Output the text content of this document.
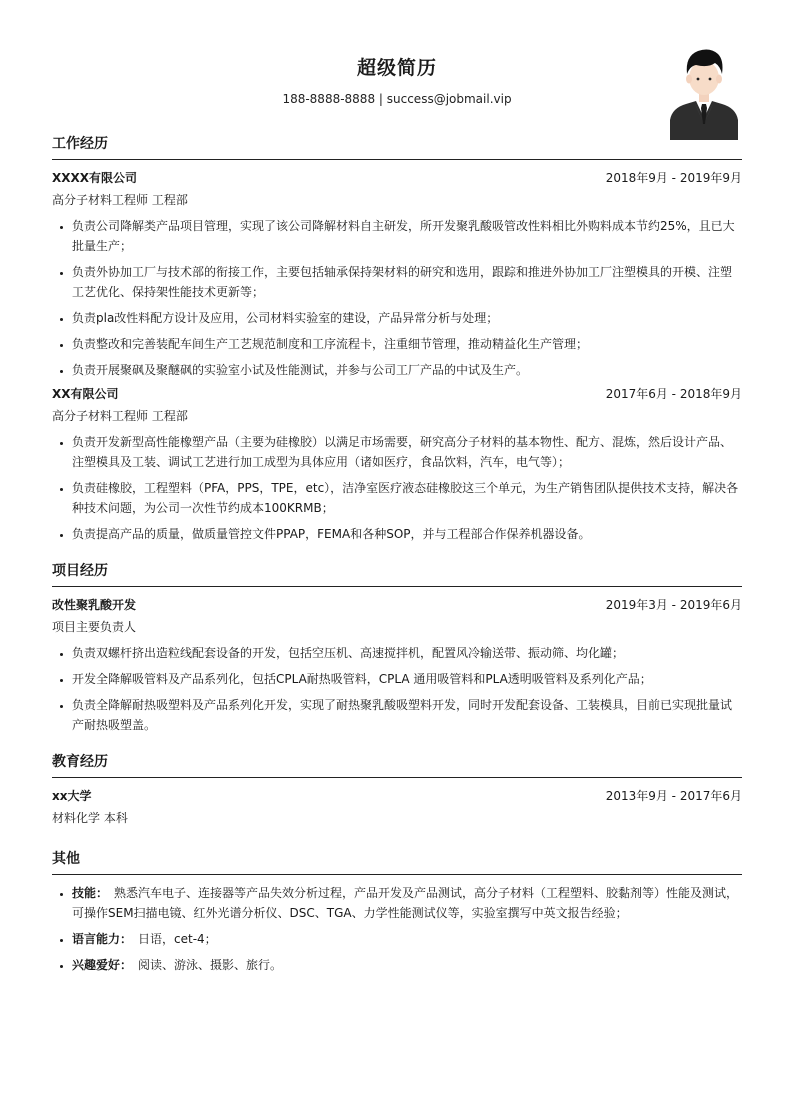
超级简历
188-8888-8888 | success@jobmail.vip
工作经历
XXXX有限公司	2018年9月 - 2019年9月
高分子材料工程师 工程部
• 负责公司降解类产品项目管理，实现了该公司降解材料自主研发，所开发聚乳酸吸管改性料相比外购料成本节约25%，且已大批量生产；
• 负责外协加工厂与技术部的衔接工作，主要包括轴承保持架材料的研究和选用，跟踪和推进外协加工厂注塑模具的开模、注塑工艺优化、保持架性能技术更新等；
• 负责pla改性料配方设计及应用，公司材料实验室的建设，产品异常分析与处理；
• 负责整改和完善装配车间生产工艺规范制度和工序流程卡，注重细节管理，推动精益化生产管理；
• 负责开展聚砜及聚醚砜的实验室小试及性能测试，并参与公司工厂产品的中试及生产。
XX有限公司	2017年6月 - 2018年9月
高分子材料工程师 工程部
• 负责开发新型高性能橡塑产品（主要为硅橡胶）以满足市场需要，研究高分子材料的基本物性、配方、混炼，然后设计产品、注塑模具及工装、调试工艺进行加工成型为具体应用（诸如医疗，食品饮料，汽车，电气等）；
• 负责硅橡胶，工程塑料（PFA，PPS，TPE，etc），洁净室医疗液态硅橡胶这三个单元，为生产销售团队提供技术支持，解决各种技术问题，为公司一次性节约成本100KRMB；
• 负责提高产品的质量，做质量管控文件PPAP，FEMA和各种SOP，并与工程部合作保养机器设备。
项目经历
改性聚乳酸开发	2019年3月 - 2019年6月
项目主要负责人
• 负责双螺杆挤出造粒线配套设备的开发，包括空压机、高速搅拌机，配置风冷输送带、振动筛、均化罐；
• 开发全降解吸管料及产品系列化，包括CPLA耐热吸管料，CPLA 通用吸管料和PLA透明吸管料及系列化产品；
• 负责全降解耐热吸塑料及产品系列化开发，实现了耐热聚乳酸吸塑料开发，同时开发配套设备、工装模具，目前已实现批量试产耐热吸塑盖。
教育经历
xx大学	2013年9月 - 2017年6月
材料化学 本科
其他
• 技能： 熟悉汽车电子、连接器等产品失效分析过程，产品开发及产品测试，高分子材料（工程塑料、胶黏剂等）性能及测试，可操作SEM扫描电镜、红外光谱分析仪、DSC、TGA、力学性能测试仪等，实验室撰写中英文报告经验；
• 语言能力： 日语，cet-4；
• 兴趣爱好： 阅读、游泳、摄影、旅行。
